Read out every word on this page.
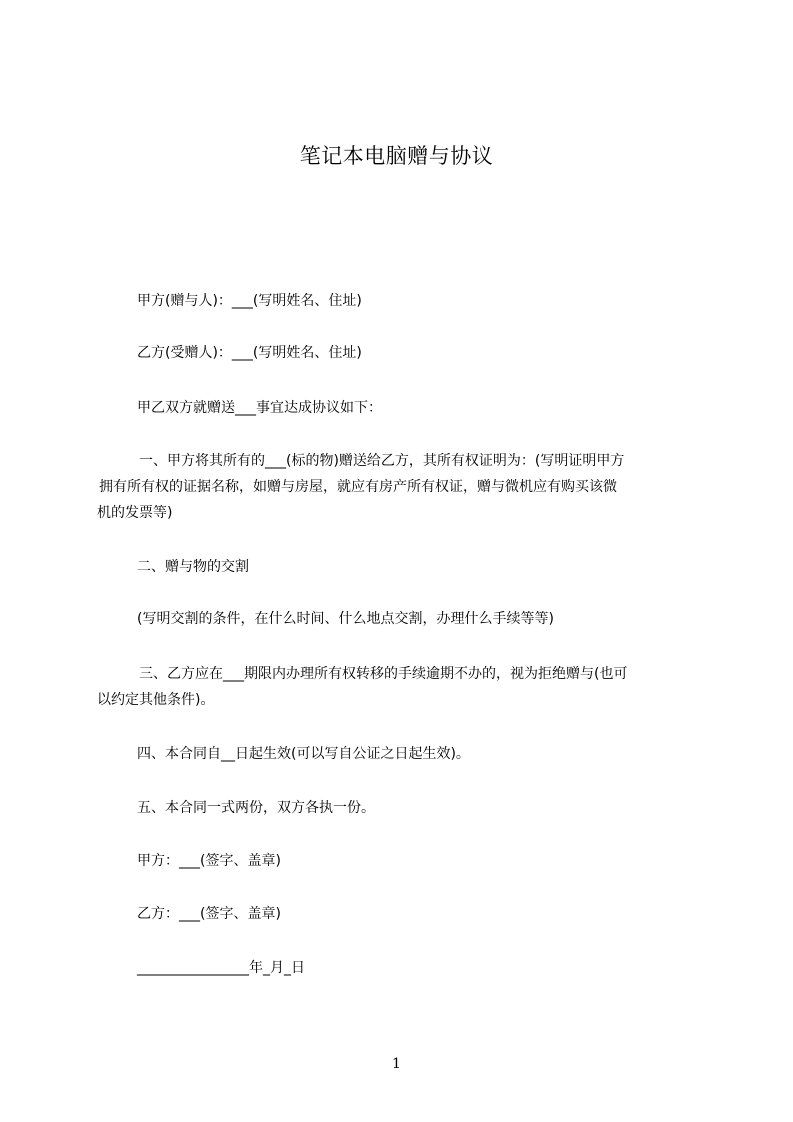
笔记本电脑赠与协议
甲方(赠与人)：___(写明姓名、住址)
乙方(受赠人)：___(写明姓名、住址)
甲乙双方就赠送___事宜达成协议如下：
一、甲方将其所有的___(标的物)赠送给乙方，其所有权证明为：(写明证明甲方
拥有所有权的证据名称，如赠与房屋，就应有房产所有权证，赠与微机应有购买该微
机的发票等)
二、赠与物的交割
(写明交割的条件，在什么时间、什么地点交割，办理什么手续等等)
三、乙方应在___期限内办理所有权转移的手续逾期不办的，视为拒绝赠与(也可
以约定其他条件)。
四、本合同自__日起生效(可以写自公证之日起生效)。
五、本合同一式两份，双方各执一份。
甲方：___(签字、盖章)
乙方：___(签字、盖章)
________________年_月_日
1
